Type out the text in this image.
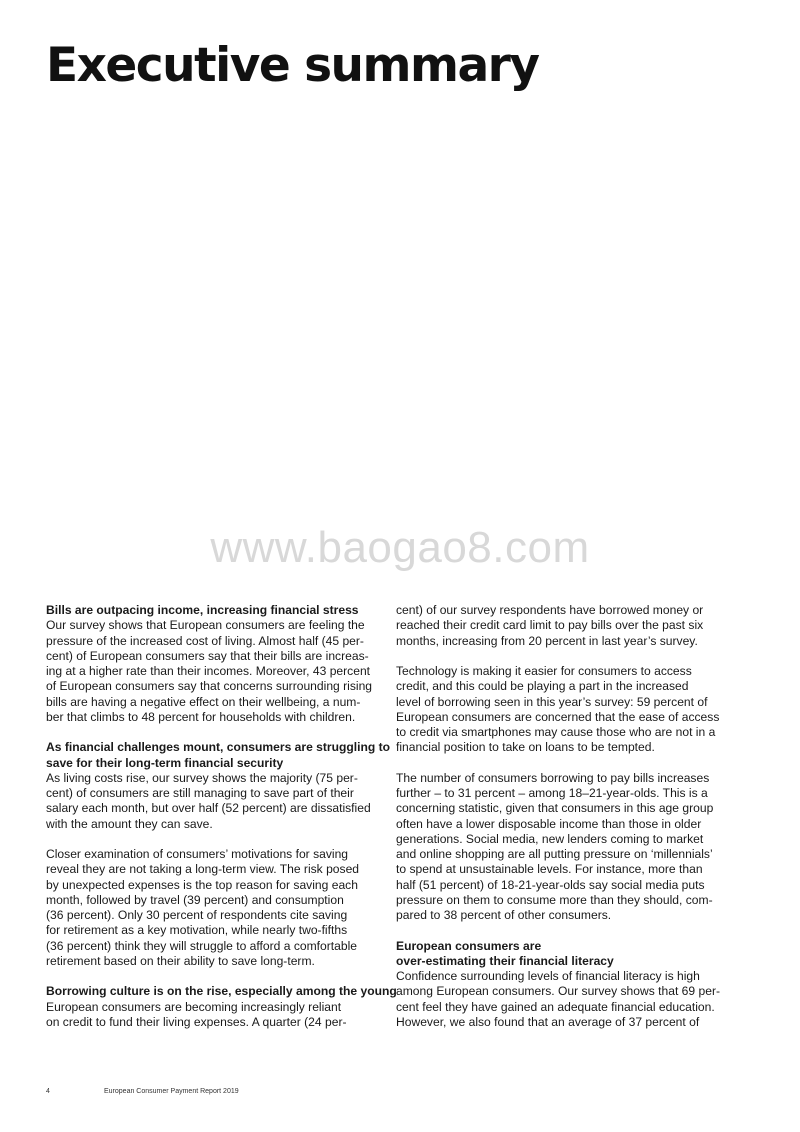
Executive summary
www.baogao8.com
Bills are outpacing income, increasing financial stress

Our survey shows that European consumers are feeling the
pressure of the increased cost of living. Almost half (45 per-
cent) of European consumers say that their bills are increas-
ing at a higher rate than their incomes. Moreover, 43 percent
of European consumers say that concerns surrounding rising
bills are having a negative effect on their wellbeing, a num-
ber that climbs to 48 percent for households with children.

As financial challenges mount, consumers are struggling to
save for their long-term financial security

As living costs rise, our survey shows the majority (75 per-
cent) of consumers are still managing to save part of their
salary each month, but over half (52 percent) are dissatisfied
with the amount they can save.

Closer examination of consumers’ motivations for saving
reveal they are not taking a long-term view. The risk posed
by unexpected expenses is the top reason for saving each
month, followed by travel (39 percent) and consumption
(36 percent). Only 30 percent of respondents cite saving
for retirement as a key motivation, while nearly two-fifths
(36 percent) think they will struggle to afford a comfortable
retirement based on their ability to save long-term.

Borrowing culture is on the rise, especially among the young

European consumers are becoming increasingly reliant
on credit to fund their living expenses. A quarter (24 per-

cent) of our survey respondents have borrowed money or
reached their credit card limit to pay bills over the past six
months, increasing from 20 percent in last year’s survey.

Technology is making it easier for consumers to access
credit, and this could be playing a part in the increased
level of borrowing seen in this year’s survey: 59 percent of
European consumers are concerned that the ease of access
to credit via smartphones may cause those who are not in a
financial position to take on loans to be tempted.

The number of consumers borrowing to pay bills increases
further – to 31 percent – among 18–21-year-olds. This is a
concerning statistic, given that consumers in this age group
often have a lower disposable income than those in older
generations. Social media, new lenders coming to market
and online shopping are all putting pressure on ‘millennials’
to spend at unsustainable levels. For instance, more than
half (51 percent) of 18-21-year-olds say social media puts
pressure on them to consume more than they should, com-
pared to 38 percent of other consumers.

European consumers are
over-estimating their financial literacy

Confidence surrounding levels of financial literacy is high
among European consumers. Our survey shows that 69 per-
cent feel they have gained an adequate financial education.
However, we also found that an average of 37 percent of

4	European Consumer Payment Report 2019
